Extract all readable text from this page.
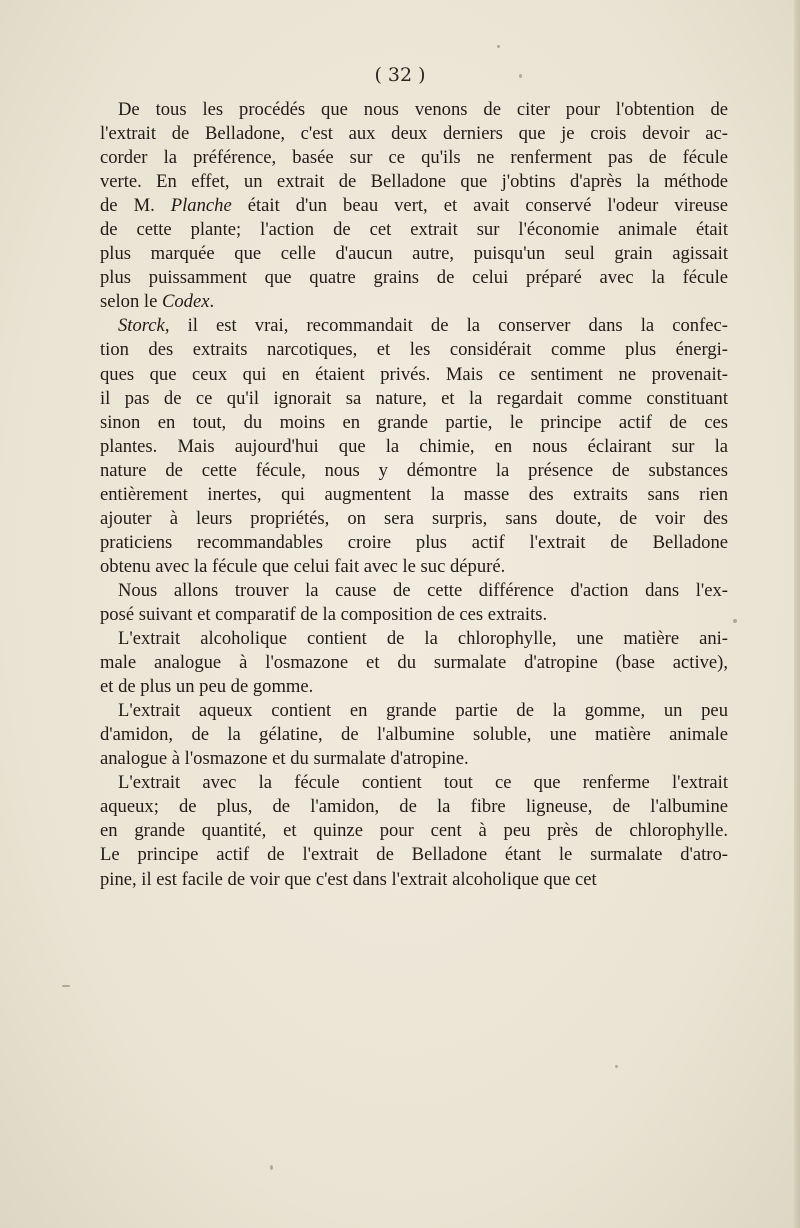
( 32 )

De tous les procédés que nous venons de citer pour l'obtention de
l'extrait de Belladone, c'est aux deux derniers que je crois devoir ac-
corder la préférence, basée sur ce qu'ils ne renferment pas de fécule
verte. En effet, un extrait de Belladone que j'obtins d'après la méthode
de M. Planche était d'un beau vert, et avait conservé l'odeur vireuse
de cette plante; l'action de cet extrait sur l'économie animale était
plus marquée que celle d'aucun autre, puisqu'un seul grain agissait
plus puissamment que quatre grains de celui préparé avec la fécule
selon le Codex.

Storck, il est vrai, recommandait de la conserver dans la confec-
tion des extraits narcotiques, et les considérait comme plus énergi-
ques que ceux qui en étaient privés. Mais ce sentiment ne provenait-
il pas de ce qu'il ignorait sa nature, et la regardait comme constituant
sinon en tout, du moins en grande partie, le principe actif de ces
plantes. Mais aujourd'hui que la chimie, en nous éclairant sur la
nature de cette fécule, nous y démontre la présence de substances
entièrement inertes, qui augmentent la masse des extraits sans rien
ajouter à leurs propriétés, on sera surpris, sans doute, de voir des
praticiens recommandables croire plus actif l'extrait de Belladone
obtenu avec la fécule que celui fait avec le suc dépuré.

Nous allons trouver la cause de cette différence d'action dans l'ex-
posé suivant et comparatif de la composition de ces extraits.

L'extrait alcoholique contient de la chlorophylle, une matière ani-
male analogue à l'osmazone et du surmalate d'atropine (base active),
et de plus un peu de gomme.

L'extrait aqueux contient en grande partie de la gomme, un peu
d'amidon, de la gélatine, de l'albumine soluble, une matière animale
analogue à l'osmazone et du surmalate d'atropine.

L'extrait avec la fécule contient tout ce que renferme l'extrait
aqueux; de plus, de l'amidon, de la fibre ligneuse, de l'albumine
en grande quantité, et quinze pour cent à peu près de chlorophylle.
Le principe actif de l'extrait de Belladone étant le surmalate d'atro-
pine, il est facile de voir que c'est dans l'extrait alcoholique que cet
